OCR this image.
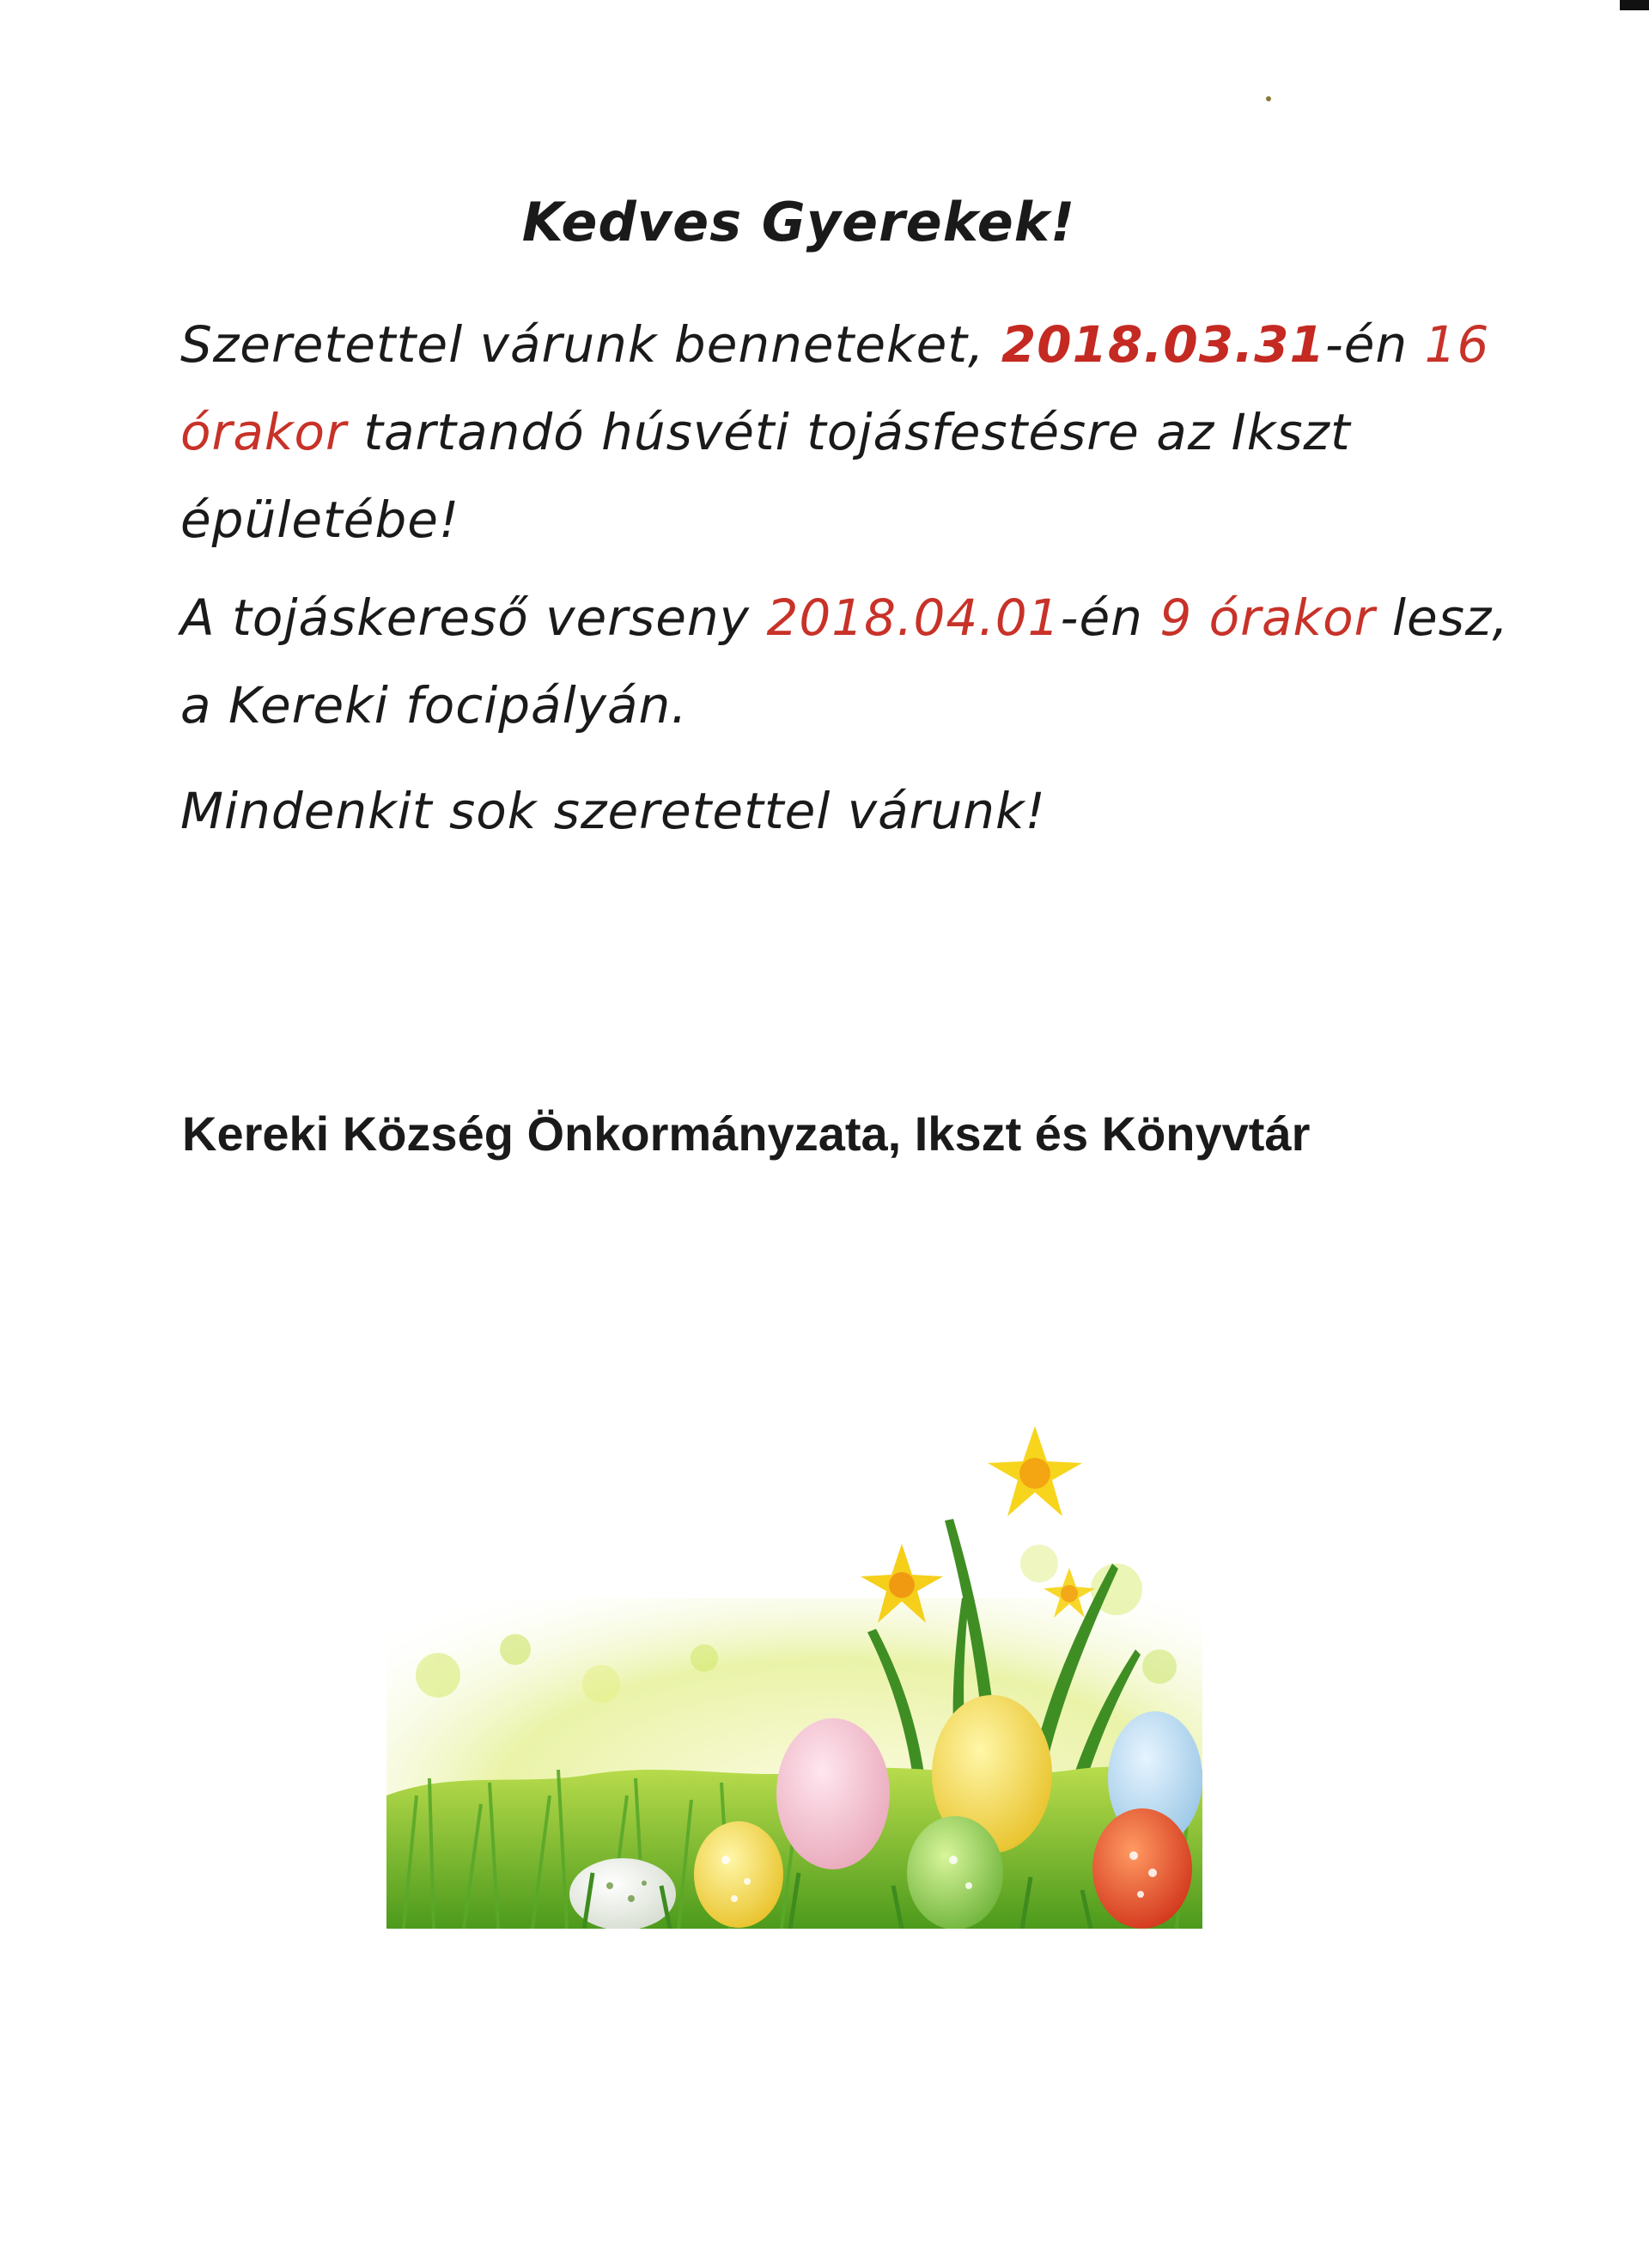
Kedves Gyerekek!
Szeretettel várunk benneteket, 2018.03.31-én 16 órakor tartandó húsvéti tojásfestésre az Ikszt épületébe!
A tojáskereső verseny 2018.04.01-én 9 órakor lesz, a Kereki focipályán.
Mindenkit sok szeretettel várunk!
Kereki Község Önkormányzata, Ikszt és Könyvtár
